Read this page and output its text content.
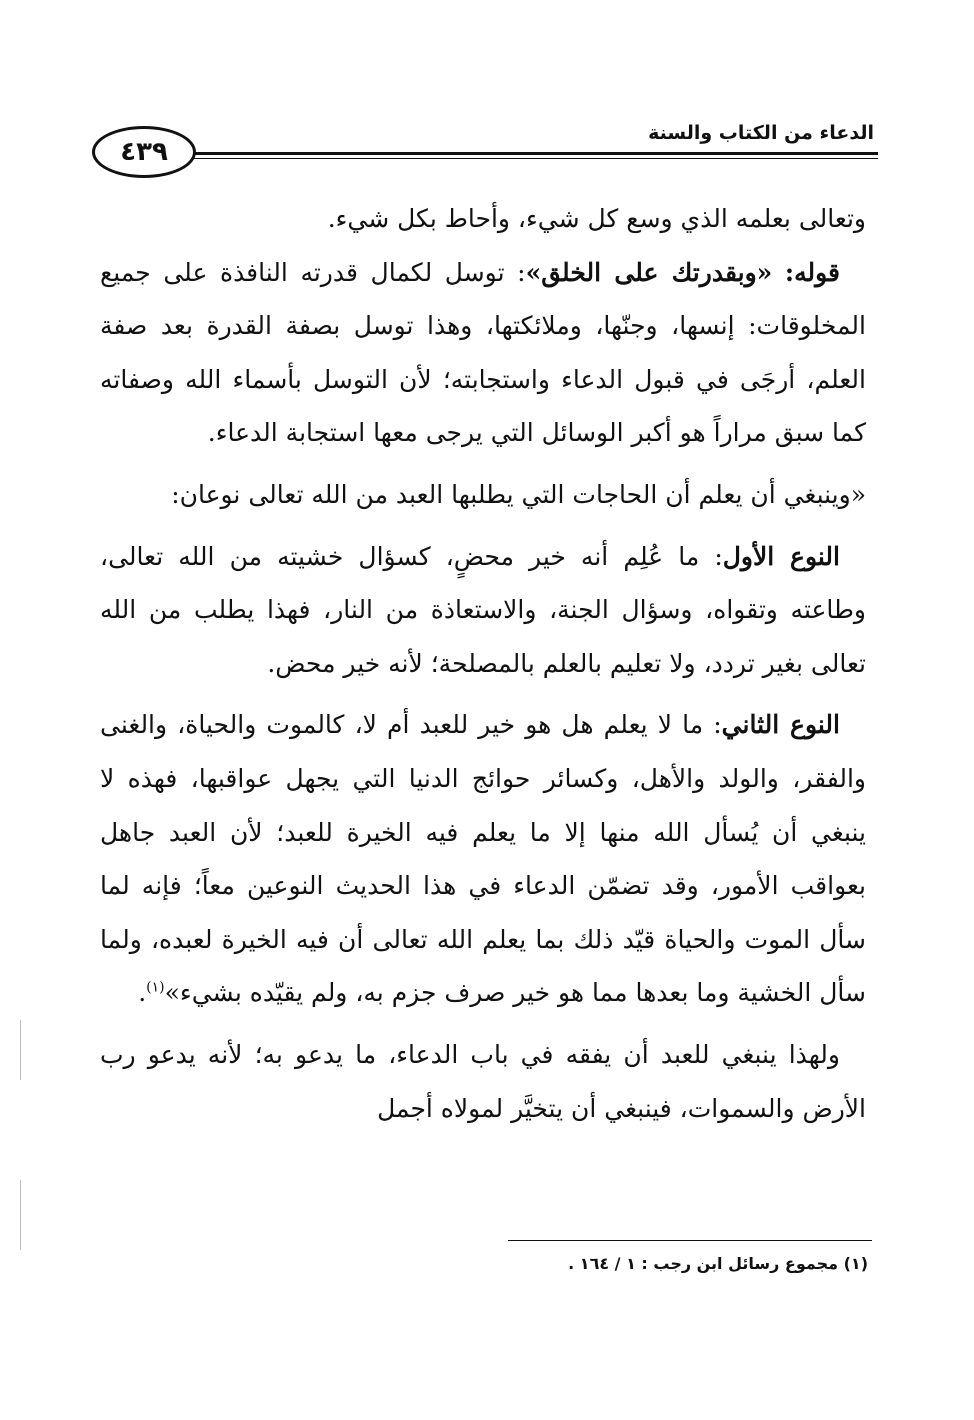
الدعاء من الكتاب والسنة
٤٣٩

وتعالى بعلمه الذي وسع كل شيء، وأحاط بكل شيء.

قوله: «وبقدرتك على الخلق»: توسل لكمال قدرته النافذة على جميع المخلوقات: إنسها، وجنّها، وملائكتها، وهذا توسل بصفة القدرة بعد صفة العلم، أرجَى في قبول الدعاء واستجابته؛ لأن التوسل بأسماء الله وصفاته كما سبق مراراً هو أكبر الوسائل التي يرجى معها استجابة الدعاء.

«وينبغي أن يعلم أن الحاجات التي يطلبها العبد من الله تعالى نوعان:

النوع الأول: ما عُلِم أنه خير محضٍ، كسؤال خشيته من الله تعالى، وطاعته وتقواه، وسؤال الجنة، والاستعاذة من النار، فهذا يطلب من الله تعالى بغير تردد، ولا تعليم بالعلم بالمصلحة؛ لأنه خير محض.

النوع الثاني: ما لا يعلم هل هو خير للعبد أم لا، كالموت والحياة، والغنى والفقر، والولد والأهل، وكسائر حوائج الدنيا التي يجهل عواقبها، فهذه لا ينبغي أن يُسأل الله منها إلا ما يعلم فيه الخيرة للعبد؛ لأن العبد جاهل بعواقب الأمور، وقد تضمّن الدعاء في هذا الحديث النوعين معاً؛ فإنه لما سأل الموت والحياة قيّد ذلك بما يعلم الله تعالى أن فيه الخيرة لعبده، ولما سأل الخشية وما بعدها مما هو خير صرف جزم به، ولم يقيّده بشيء»$^{(١)}$.

ولهذا ينبغي للعبد أن يفقه في باب الدعاء، ما يدعو به؛ لأنه يدعو رب الأرض والسموات، فينبغي أن يتخيَّر لمولاه أجمل

(١) مجموع رسائل ابن رجب : ١ / ١٦٤ .
